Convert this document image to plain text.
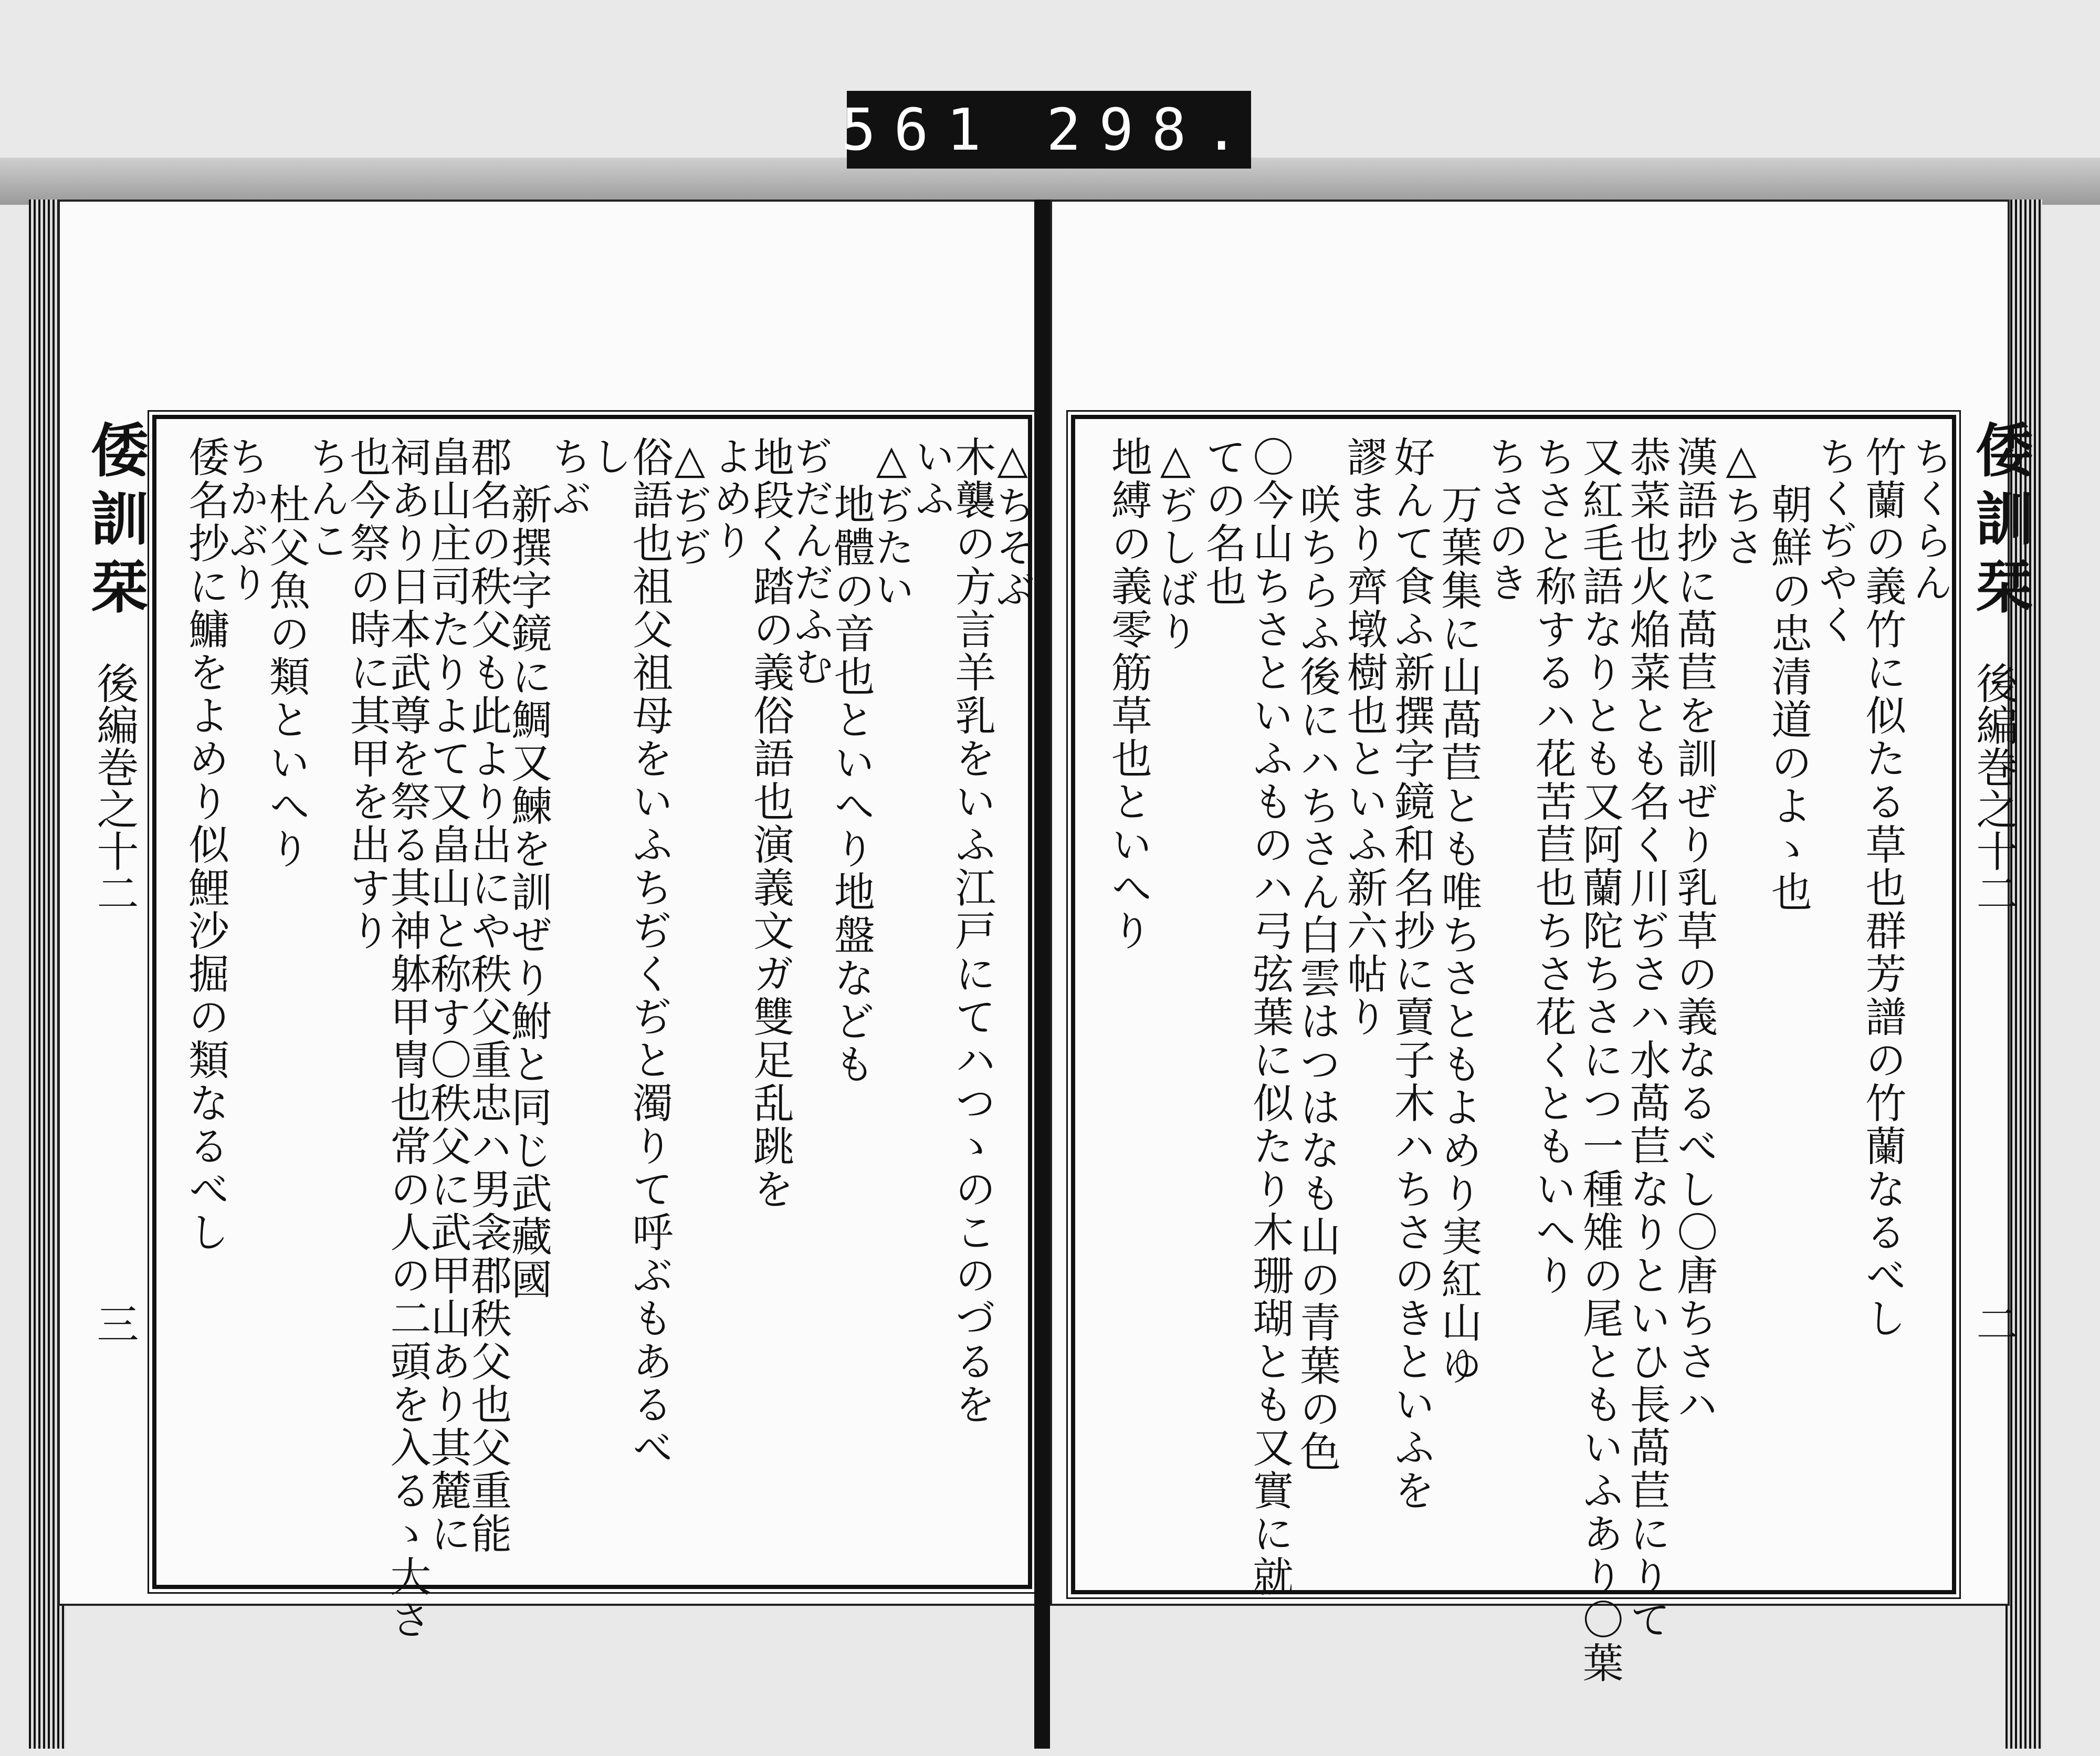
561 298.
倭訓栞
後編巻之十二
三
倭訓栞
後編巻之十二
二
ちくらん
竹蘭の義竹に似たる草也群芳譜の竹蘭なるべし
ちくぢやく
朝鮮の忠清道のよゝ也
△ちさ
漢語抄に萵苣を訓ぜり乳草の義なるべし〇唐ちさハ
恭菜也火焔菜とも名く川ぢさハ水萵苣なりといひ長萵苣にりて
又紅毛語なりとも又阿蘭陀ちさにつ一種雉の尾ともいふあり〇葉
ちさと称するハ花苦苣也ちさ花くともいへり
ちさのき
万葉集に山萵苣とも唯ちさともよめり実紅山ゆ
好んて食ふ新撰字鏡和名抄に賣子木ハちさのきといふを
謬まり齊墩樹也といふ新六帖り
咲ちらふ後にハちさん白雲はつはなも山の青葉の色
〇今山ちさといふものハ弓弦葉に似たり木珊瑚とも又實に就
ての名也
△ぢしばり
地縛の義零筋草也といへり
△ちそぶ
木襲の方言羊乳をいふ江戸にてハつゝのこのづるを
いふ
△ぢたい
地體の音也といへり地盤なども
ぢだんだふむ
地段く踏の義俗語也演義文ガ雙足乱跳を
よめり
△ぢぢ
俗語也祖父祖母をいふちぢくぢと濁りて呼ぶもあるべ
し
ちぶ
新撰字鏡に鯛又鰊を訓ぜり鮒と同じ武藏國
郡名の秩父も此より出にや秩父重忠ハ男衾郡秩父也父重能
畠山庄司たりよて又畠山と称す〇秩父に武甲山あり其麓に
祠あり日本武尊を祭る其神躰甲冑也常の人の二頭を入るゝ大さ
也今祭の時に其甲を出すり
ちんこ
杜父魚の類といへり
ちかぶり
倭名抄に鱅をよめり似鯉沙掘の類なるべし
